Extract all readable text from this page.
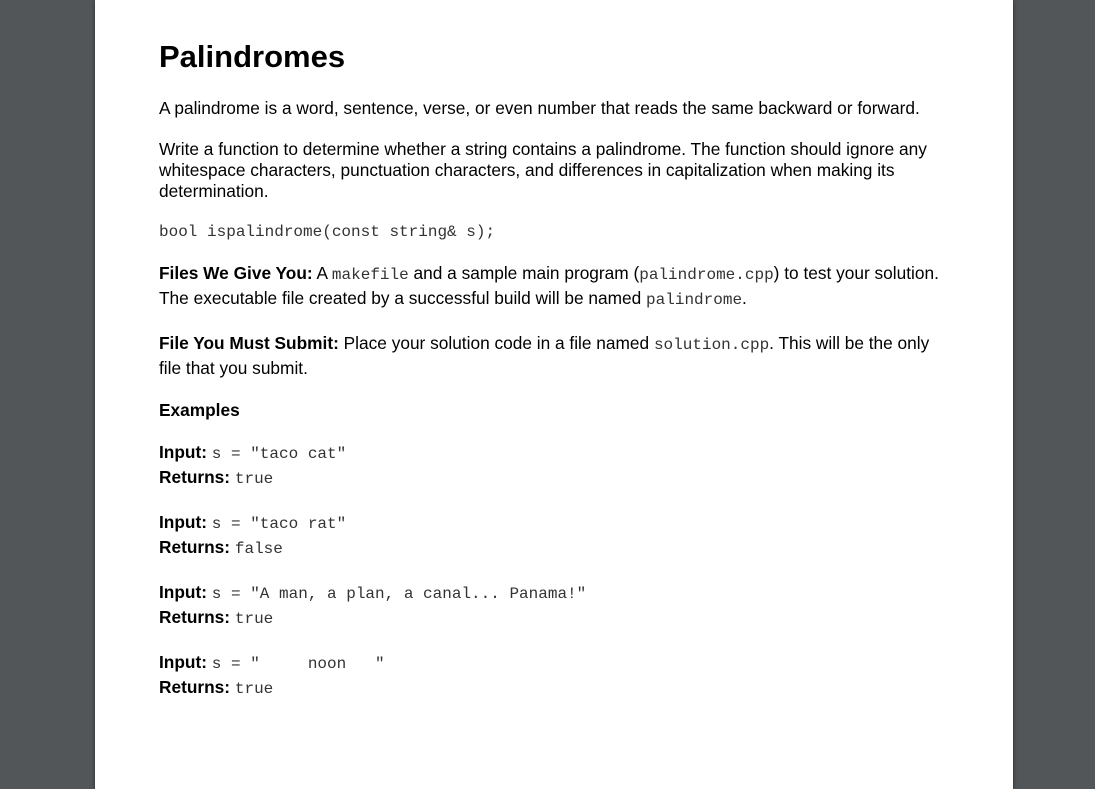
Palindromes

A palindrome is a word, sentence, verse, or even number that reads the same backward or forward.

Write a function to determine whether a string contains a palindrome. The function should ignore any whitespace characters, punctuation characters, and differences in capitalization when making its determination.

bool ispalindrome(const string& s);

Files We Give You: A makefile and a sample main program (palindrome.cpp) to test your solution. The executable file created by a successful build will be named palindrome.

File You Must Submit: Place your solution code in a file named solution.cpp. This will be the only file that you submit.

Examples
Input: s = "taco cat"
Returns: true
Input: s = "taco rat"
Returns: false
Input: s = "A man, a plan, a canal... Panama!"
Returns: true
Input: s = "     noon   "
Returns: true
